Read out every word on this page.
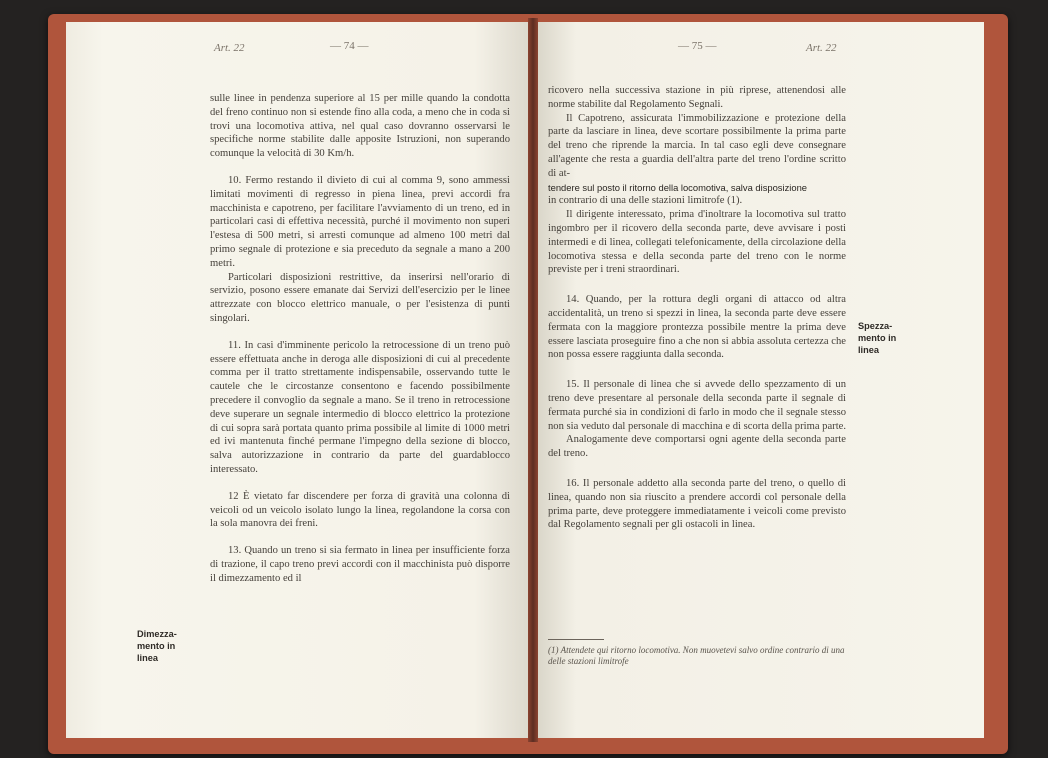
Art. 22	— 74 —

sulle linee in pendenza superiore al 15 per mille quando la condotta del freno continuo non si estende fino alla coda, a meno che in coda si trovi una locomotiva attiva, nel qual caso dovranno osservarsi le specifiche norme stabilite dalle apposite Istruzioni, non superando comunque la velocità di 30 Km/h.

10. Fermo restando il divieto di cui al comma 9, sono ammessi limitati movimenti di regresso in piena linea, previ accordi fra macchinista e capotreno, per facilitare l'avviamento di un treno, ed in particolari casi di effettiva necessità, purché il movimento non superi l'estesa di 500 metri, si arresti comunque ad almeno 100 metri dal primo segnale di protezione e sia preceduto da segnale a mano a 200 metri.

Particolari disposizioni restrittive, da inserirsi nell'orario di servizio, posono essere emanate dai Servizi dell'esercizio per le linee attrezzate con blocco elettrico manuale, o per l'esistenza di punti singolari.

11. In casi d'imminente pericolo la retrocessione di un treno può essere effettuata anche in deroga alle disposizioni di cui al precedente comma per il tratto strettamente indispensabile, osservando tutte le cautele che le circostanze consentono e facendo possibilmente precedere il convoglio da segnale a mano. Se il treno in retrocessione deve superare un segnale intermedio di blocco elettrico la protezione di cui sopra sarà portata quanto prima possibile al limite di 1000 metri ed ivi mantenuta finché permane l'impegno della sezione di blocco, salva autorizzazione in contrario da parte del guardablocco interessato.

12 È vietato far discendere per forza di gravità una colonna di veicoli od un veicolo isolato lungo la linea, regolandone la corsa con la sola manovra dei freni.

13. Quando un treno si sia fermato in linea per insufficiente forza di trazione, il capo treno previ accordi con il macchinista può disporre il dimezzamento ed il

Dimezza-
mento in
linea
— 75 —	Art. 22

ricovero nella successiva stazione in più riprese, attenendosi alle norme stabilite dal Regolamento Segnali.

Il Capotreno, assicurata l'immobilizzazione e protezione della parte da lasciare in linea, deve scortare possibilmente la prima parte del treno che riprende la marcia. In tal caso egli deve consegnare all'agente che resta a guardia dell'altra parte del treno l'ordine scritto di at-

tendere sul posto il ritorno della locomotiva, salva disposizione

in contrario di una delle stazioni limitrofe (1).

Il dirigente interessato, prima d'inoltrare la locomotiva sul tratto ingombro per il ricovero della seconda parte, deve avvisare i posti intermedi e di linea, collegati telefonicamente, della circolazione della locomotiva stessa e della seconda parte del treno con le norme previste per i treni straordinari.

14. Quando, per la rottura degli organi di attacco od altra accidentalità, un treno si spezzi in linea, la seconda parte deve essere fermata con la maggiore prontezza possibile mentre la prima deve essere lasciata proseguire fino a che non si abbia assoluta certezza che non possa essere raggiunta dalla seconda.

15. Il personale di linea che si avvede dello spezzamento di un treno deve presentare al personale della seconda parte il segnale di fermata purché sia in condizioni di farlo in modo che il segnale stesso non sia veduto dal personale di macchina e di scorta della prima parte.

Analogamente deve comportarsi ogni agente della seconda parte del treno.

16. Il personale addetto alla seconda parte del treno, o quello di linea, quando non sia riuscito a prendere accordi col personale della prima parte, deve proteggere immediatamente i veicoli come previsto dal Regolamento segnali per gli ostacoli in linea.

Spezza-
mento in
linea
(1) Attendete qui ritorno locomotiva. Non muovetevi salvo ordine contrario di una delle stazioni limitrofe
